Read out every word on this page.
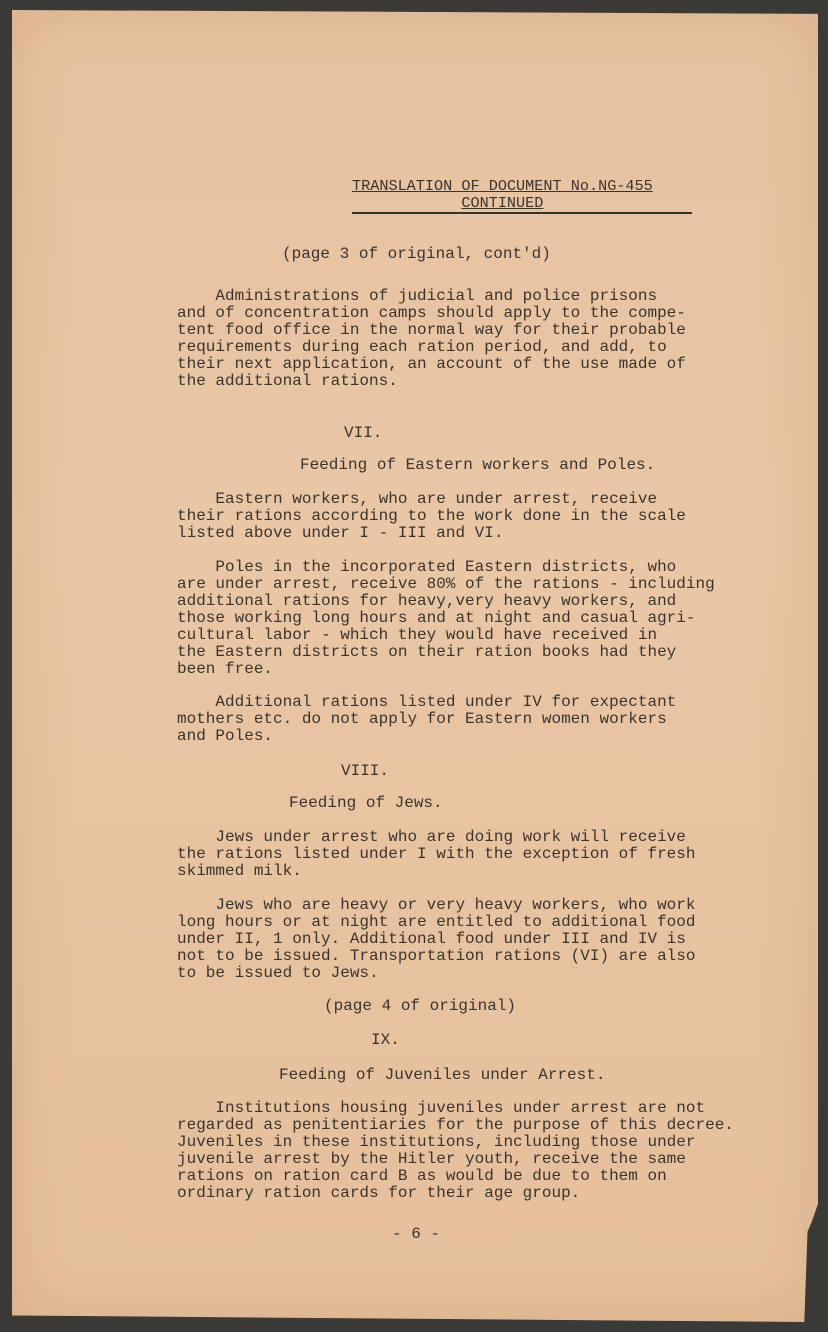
TRANSLATION OF DOCUMENT No.NG-455
CONTINUED
(page 3 of original, cont'd)
Administrations of judicial and police prisons
and of concentration camps should apply to the compe-
tent food office in the normal way for their probable
requirements during each ration period, and add, to
their next application, an account of the use made of
the additional rations.
VII.
Feeding of Eastern workers and Poles.
Eastern workers, who are under arrest, receive
their rations according to the work done in the scale
listed above under I - III and VI.
Poles in the incorporated Eastern districts, who
are under arrest, receive 80% of the rations - including
additional rations for heavy,very heavy workers, and
those working long hours and at night and casual agri-
cultural labor - which they would have received in
the Eastern districts on their ration books had they
been free.
Additional rations listed under IV for expectant
mothers etc. do not apply for Eastern women workers
and Poles.
VIII.
Feeding of Jews.
Jews under arrest who are doing work will receive
the rations listed under I with the exception of fresh
skimmed milk.
Jews who are heavy or very heavy workers, who work
long hours or at night are entitled to additional food
under II, 1 only. Additional food under III and IV is
not to be issued. Transportation rations (VI) are also
to be issued to Jews.
(page 4 of original)
IX.
Feeding of Juveniles under Arrest.
Institutions housing juveniles under arrest are not
regarded as penitentiaries for the purpose of this decree.
Juveniles in these institutions, including those under
juvenile arrest by the Hitler youth, receive the same
rations on ration card B as would be due to them on
ordinary ration cards for their age group.
- 6 -
